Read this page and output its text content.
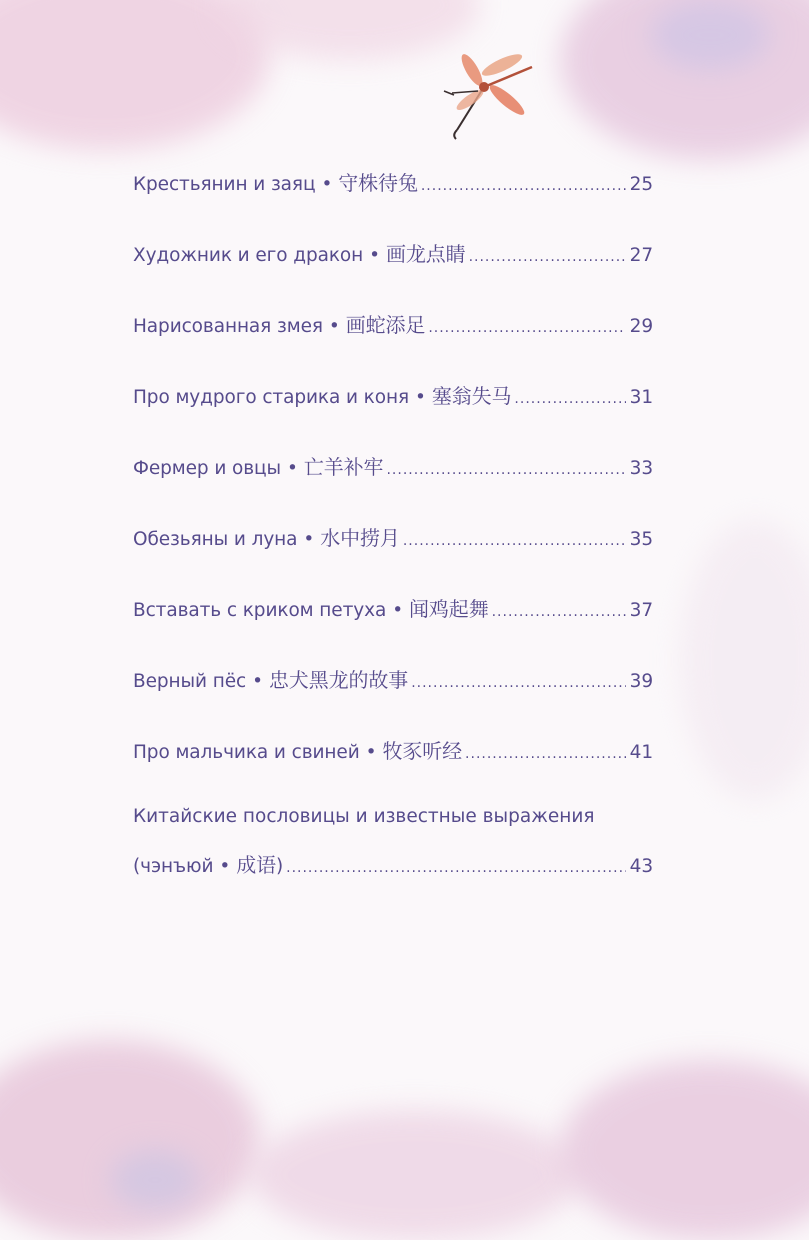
Крестьянин и заяц • 守株待兔 .....	25
Художник и его дракон • 画龙点睛 .....	27
Нарисованная змея • 画蛇添足 .....	29
Про мудрого старика и коня • 塞翁失马 .....	31
Фермер и овцы • 亡羊补牢 .....	33
Обезьяны и луна • 水中捞月 .....	35
Вставать с криком петуха • 闻鸡起舞 .....	37
Верный пёс • 忠犬黑龙的故事 .....	39
Про мальчика и свиней • 牧豕听经 .....	41
Китайские пословицы и известные выражения
(чэнъюй • 成语 ) .....	43
